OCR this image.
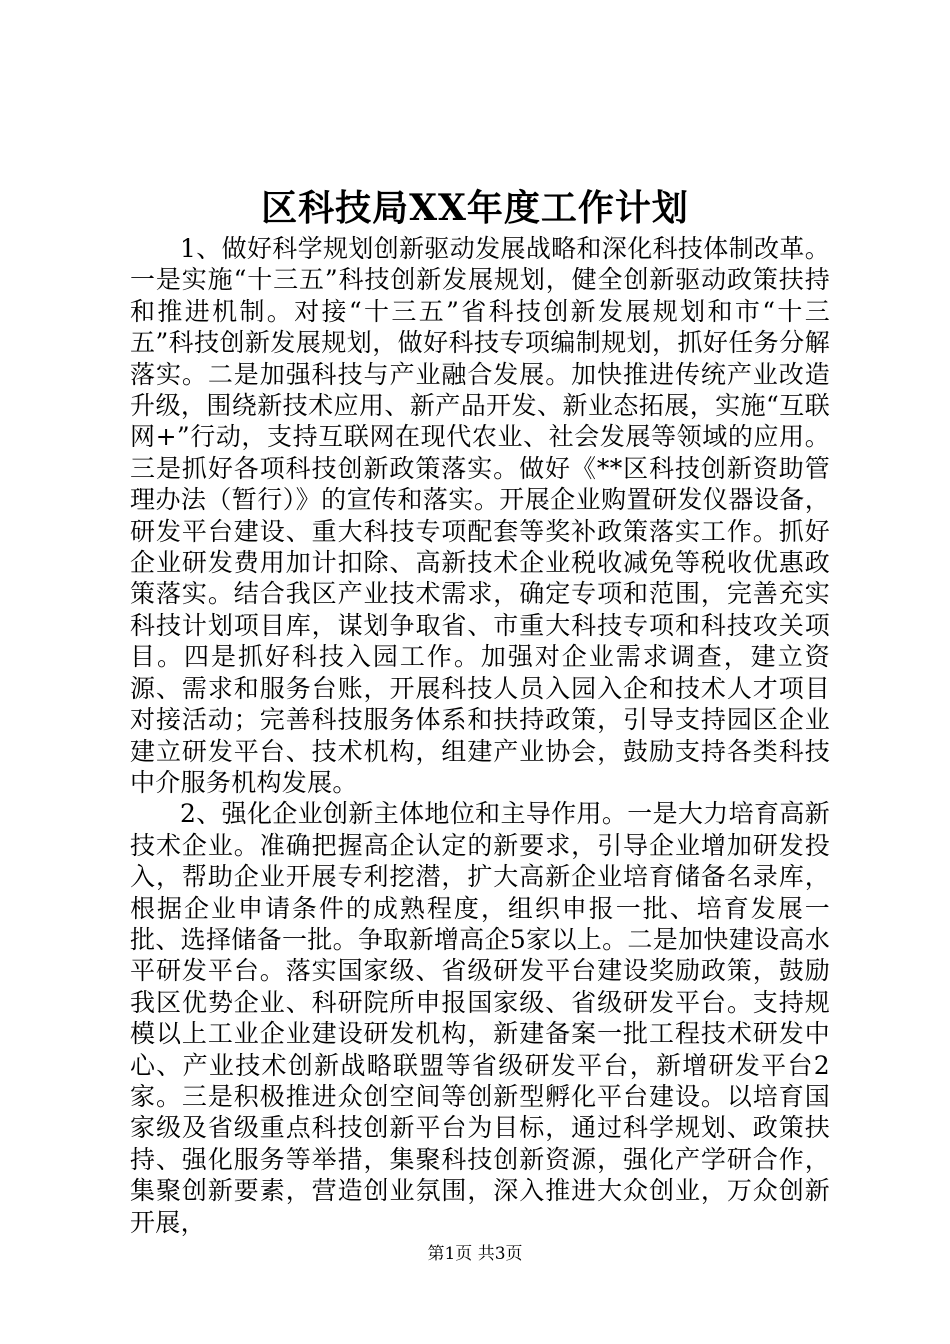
区科技局XX年度工作计划

1、做好科学规划创新驱动发展战略和深化科技体制改革。一是实施“十三五”科技创新发展规划，健全创新驱动政策扶持和推进机制。对接“十三五”省科技创新发展规划和市“十三五”科技创新发展规划，做好科技专项编制规划，抓好任务分解落实。二是加强科技与产业融合发展。加快推进传统产业改造升级，围绕新技术应用、新产品开发、新业态拓展，实施“互联网+”行动，支持互联网在现代农业、社会发展等领域的应用。三是抓好各项科技创新政策落实。做好《**区科技创新资助管理办法（暂行）》的宣传和落实。开展企业购置研发仪器设备，研发平台建设、重大科技专项配套等奖补政策落实工作。抓好企业研发费用加计扣除、高新技术企业税收减免等税收优惠政策落实。结合我区产业技术需求，确定专项和范围，完善充实科技计划项目库，谋划争取省、市重大科技专项和科技攻关项目。四是抓好科技入园工作。加强对企业需求调查，建立资源、需求和服务台账，开展科技人员入园入企和技术人才项目对接活动；完善科技服务体系和扶持政策，引导支持园区企业建立研发平台、技术机构，组建产业协会，鼓励支持各类科技中介服务机构发展。

2、强化企业创新主体地位和主导作用。一是大力培育高新技术企业。准确把握高企认定的新要求，引导企业增加研发投入，帮助企业开展专利挖潜，扩大高新企业培育储备名录库，根据企业申请条件的成熟程度，组织申报一批、培育发展一批、选择储备一批。争取新增高企5家以上。二是加快建设高水平研发平台。落实国家级、省级研发平台建设奖励政策，鼓励我区优势企业、科研院所申报国家级、省级研发平台。支持规模以上工业企业建设研发机构，新建备案一批工程技术研发中心、产业技术创新战略联盟等省级研发平台，新增研发平台2家。三是积极推进众创空间等创新型孵化平台建设。以培育国家级及省级重点科技创新平台为目标，通过科学规划、政策扶持、强化服务等举措，集聚科技创新资源，强化产学研合作，集聚创新要素，营造创业氛围，深入推进大众创业，万众创新开展，

第1页 共3页
